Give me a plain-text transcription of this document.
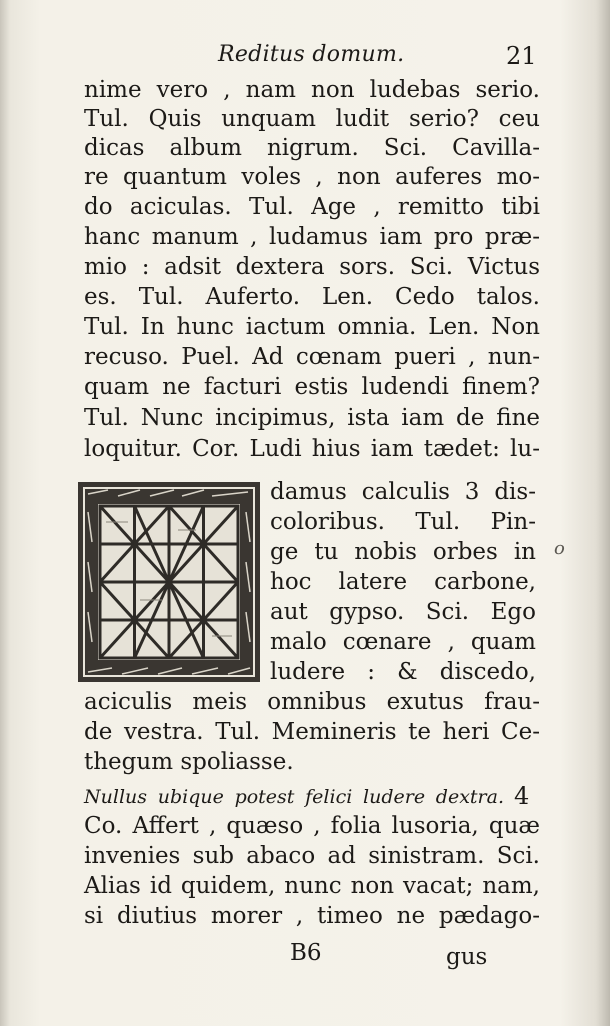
Reditus domum.	21
nime vero , nam non ludebas serio.
Tul. Quis unquam ludit serio? ceu
dicas album nigrum. Sci. Cavilla-
re quantum voles , non auferes mo-
do aciculas. Tul. Age , remitto tibi
hanc manum , ludamus iam pro præ-
mio : adsit dextera sors. Sci. Victus
es. Tul. Auferto. Len. Cedo talos.
Tul. In hunc iactum omnia. Len. Non
recuso. Puel. Ad cœnam pueri , nun-
quam ne facturi estis ludendi finem?
Tul. Nunc incipimus, ista iam de fine
loquitur. Cor. Ludi hius iam tædet: lu-
damus calculis 3 dis-
coloribus. Tul. Pin-
ge tu nobis orbes in
hoc latere carbone,
aut gypso. Sci. Ego
malo cœnare , quam
ludere : & discedo,
o
aciculis meis omnibus exutus frau-
de vestra. Tul. Memineris te heri Ce-
thegum spoliasse.
Nullus ubique potest felici ludere dextra. 4
Co. Affert , quæso , folia lusoria, quæ
invenies sub abaco ad sinistram. Sci.
Alias id quidem, nunc non vacat; nam,
si diutius morer , timeo ne pædago-
B6	gus
